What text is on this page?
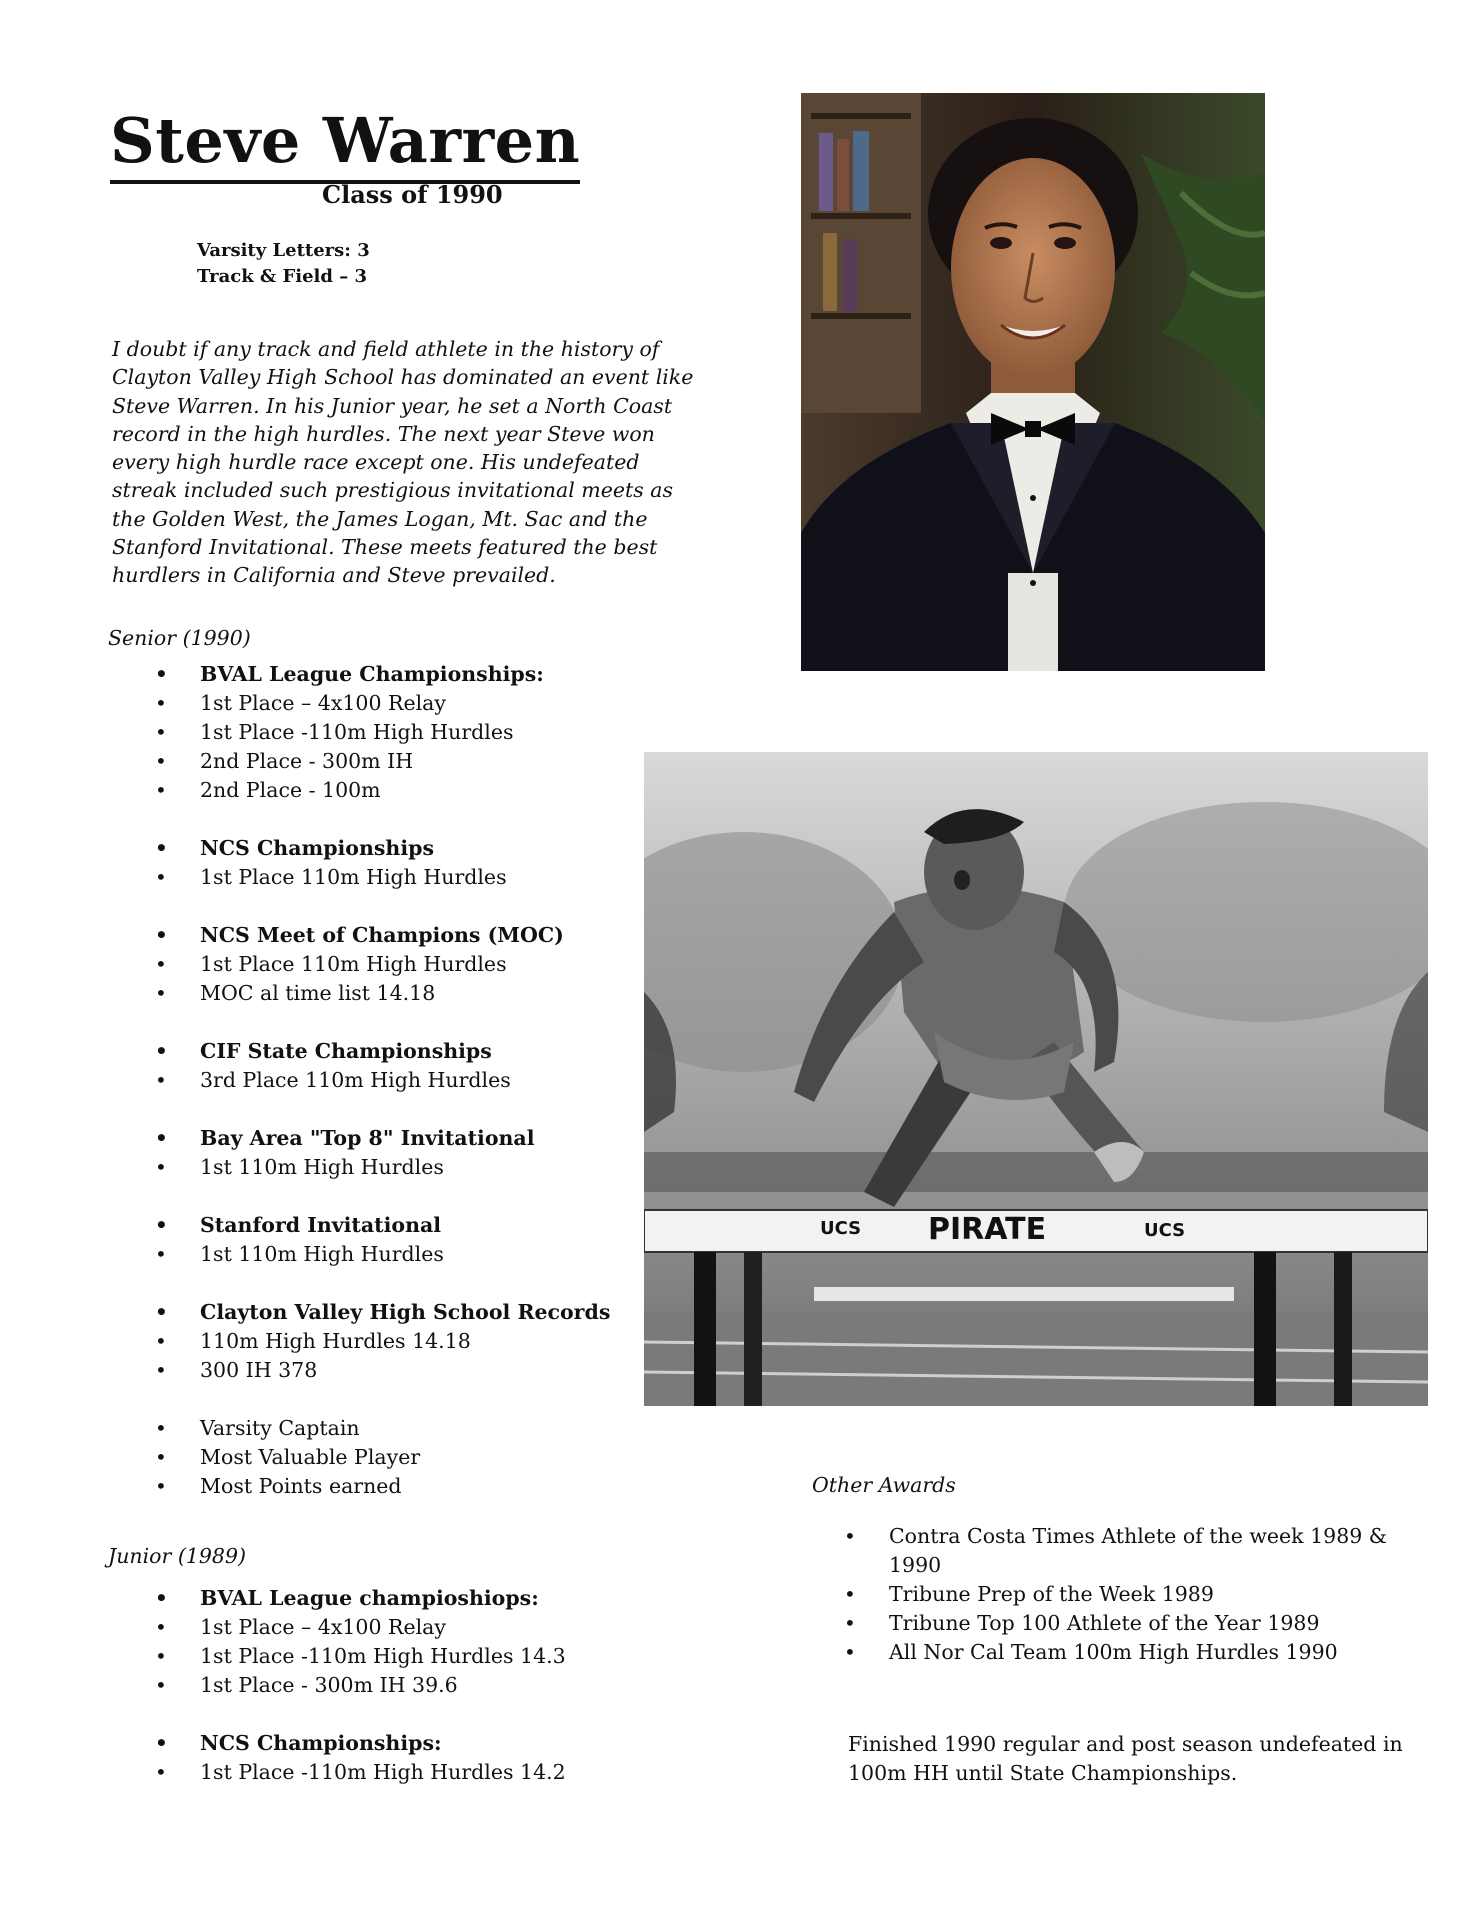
Steve Warren
Class of 1990
Varsity Letters: 3
Track & Field – 3
I doubt if any track and field athlete in the history of Clayton Valley High School has dominated an event like Steve Warren. In his Junior year, he set a North Coast record in the high hurdles. The next year Steve won every high hurdle race except one. His undefeated streak included such prestigious invitational meets as the Golden West, the James Logan, Mt. Sac and the Stanford Invitational. These meets featured the best hurdlers in California and Steve prevailed.
Senior (1990)
• BVAL League Championships:
• 1st Place – 4x100 Relay
• 1st Place -110m High Hurdles
• 2nd Place - 300m IH
• 2nd Place - 100m
• NCS Championships
• 1st Place 110m High Hurdles
• NCS Meet of Champions (MOC)
• 1st Place 110m High Hurdles
• MOC al time list 14.18
• CIF State Championships
• 3rd Place 110m High Hurdles
• Bay Area "Top 8" Invitational
• 1st 110m High Hurdles
• Stanford Invitational
• 1st 110m High Hurdles
• Clayton Valley High School Records
• 110m High Hurdles 14.18
• 300 IH 378
• Varsity Captain
• Most Valuable Player
• Most Points earned
Junior (1989)
• BVAL League champioshiops:
• 1st Place – 4x100 Relay
• 1st Place -110m High Hurdles 14.3
• 1st Place - 300m IH 39.6
• NCS Championships:
• 1st Place -110m High Hurdles 14.2
UCS PIRATE	UCS
Other Awards
• Contra Costa Times Athlete of the week 1989 & 1990
• Tribune Prep of the Week 1989
• Tribune Top 100 Athlete of the Year 1989
• All Nor Cal Team 100m High Hurdles 1990
Finished 1990 regular and post season undefeated in 100m HH until State Championships.
